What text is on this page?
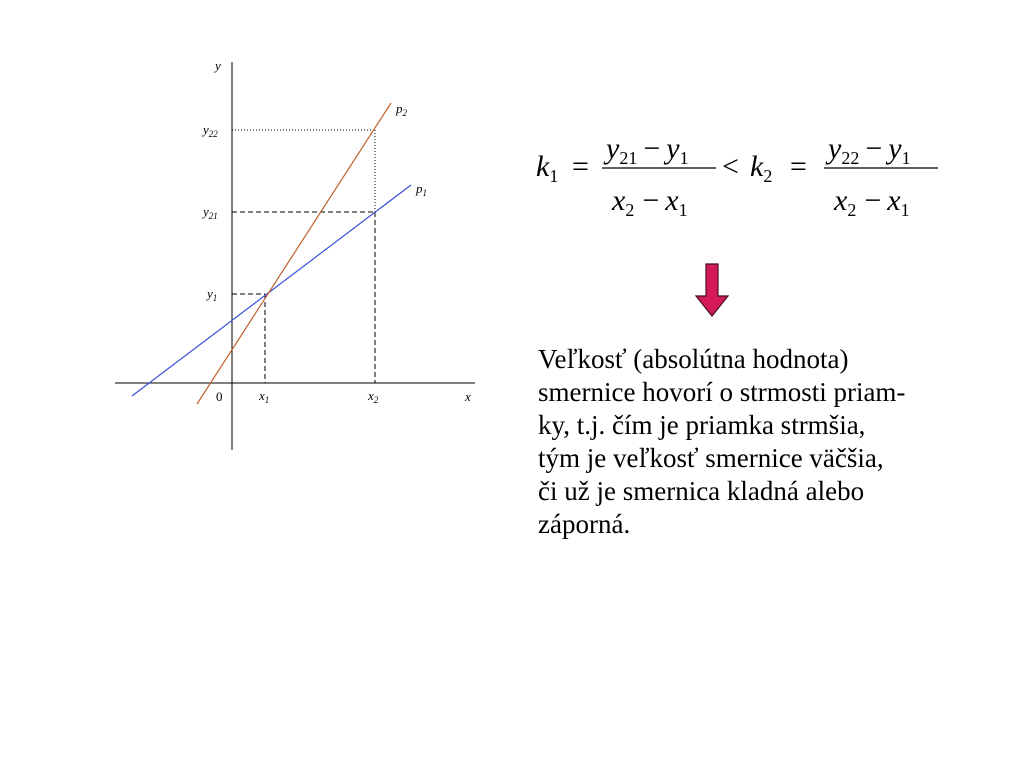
y
x
0
$p_2$
$p_1$
$y_{22}$
$y_{21}$
$y_1$
$x_1$	$x_2$
k1 =
y21 − y1
x2 − x1
< k2 =
y22 − y1
x2 − x1
Veľkosť (absolútna hodnota)
smernice hovorí o strmosti priam-
ky, t.j. čím je priamka strmšia,
tým je veľkosť smernice väčšia,
či už je smernica kladná alebo
záporná.
